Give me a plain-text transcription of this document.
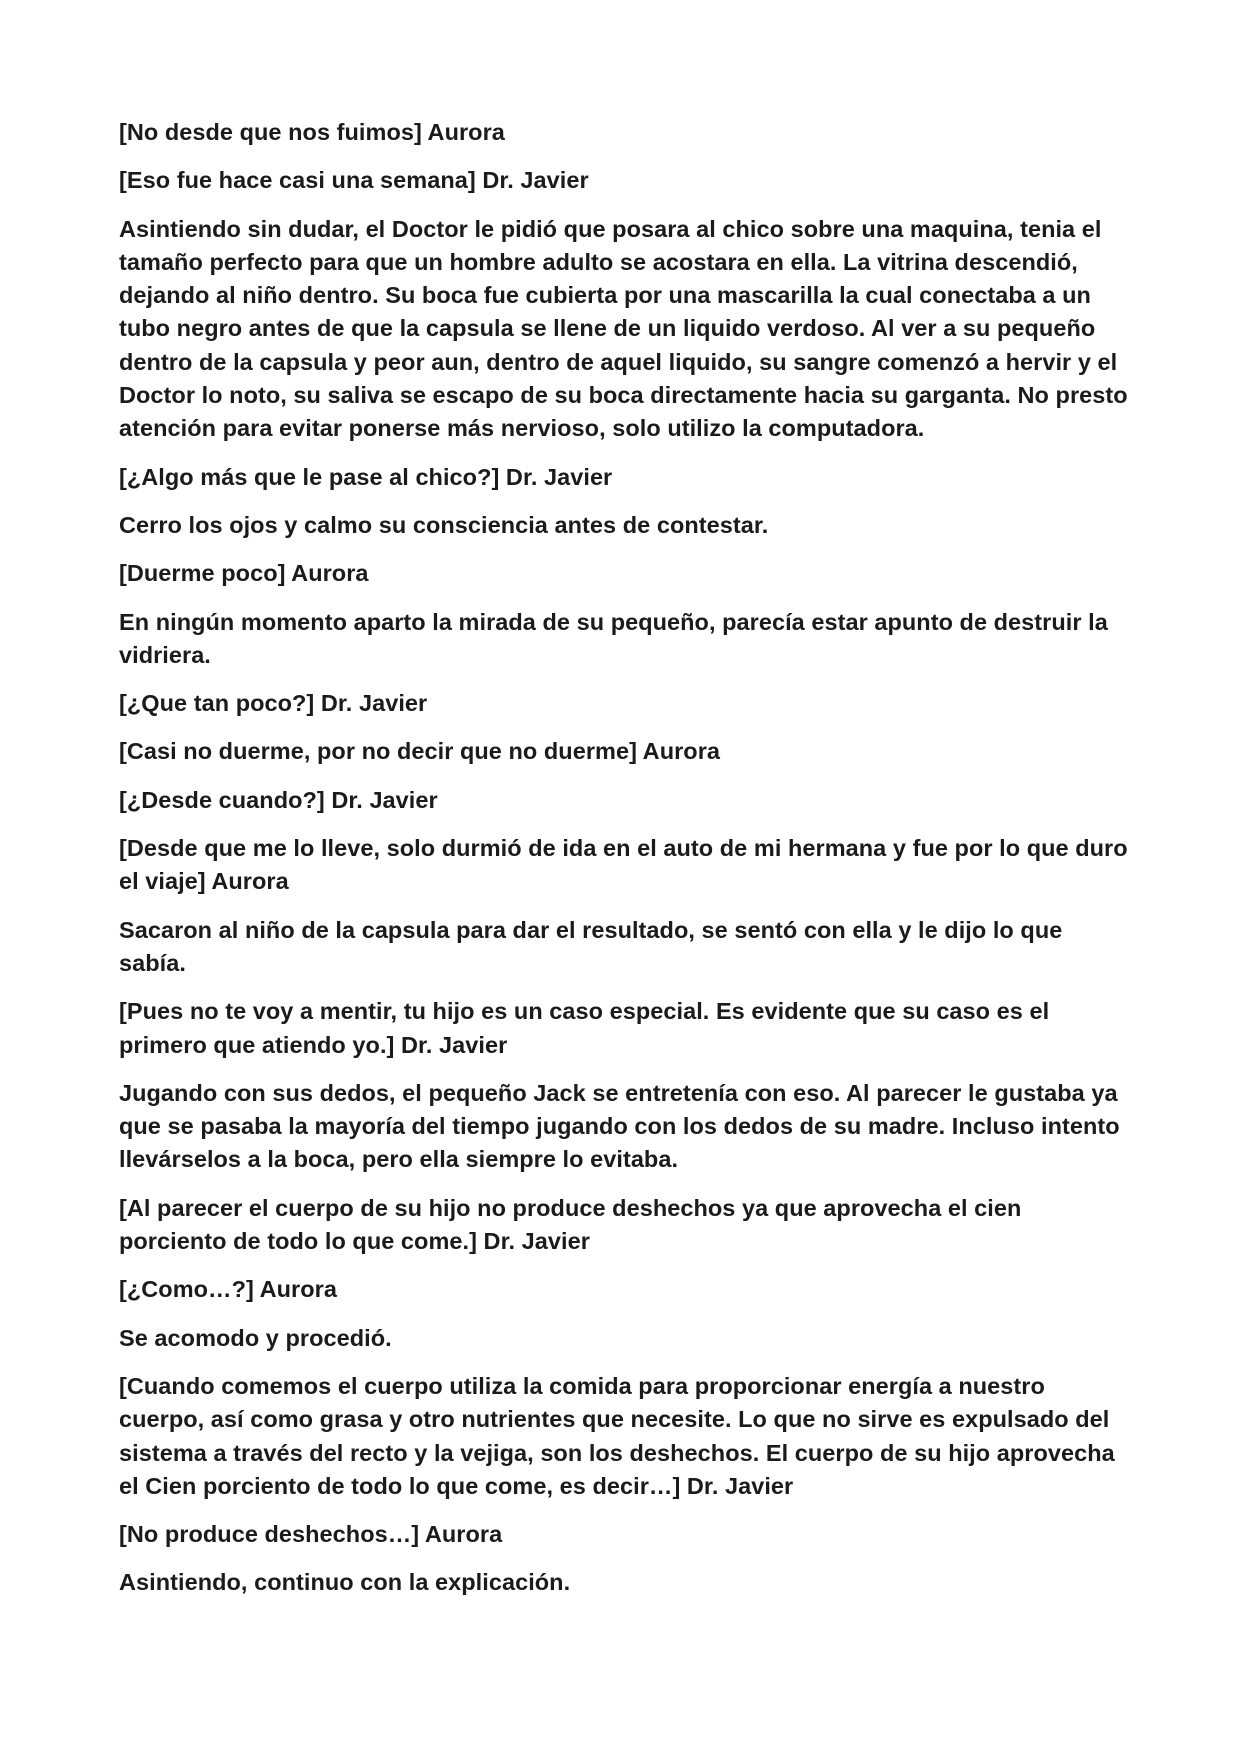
[No desde que nos fuimos] Aurora

[Eso fue hace casi una semana] Dr. Javier

Asintiendo sin dudar, el Doctor le pidió que posara al chico sobre una maquina, tenia el tamaño perfecto para que un hombre adulto se acostara en ella. La vitrina descendió, dejando al niño dentro. Su boca fue cubierta por una mascarilla la cual conectaba a un tubo negro antes de que la capsula se llene de un liquido verdoso. Al ver a su pequeño dentro de la capsula y peor aun, dentro de aquel liquido, su sangre comenzó a hervir y el Doctor lo noto, su saliva se escapo de su boca directamente hacia su garganta. No presto atención para evitar ponerse más nervioso, solo utilizo la computadora.

[¿Algo más que le pase al chico?] Dr. Javier

Cerro los ojos y calmo su consciencia antes de contestar.

[Duerme poco] Aurora

En ningún momento aparto la mirada de su pequeño, parecía estar apunto de destruir la vidriera.

[¿Que tan poco?] Dr. Javier

[Casi no duerme, por no decir que no duerme] Aurora

[¿Desde cuando?] Dr. Javier

[Desde que me lo lleve, solo durmió de ida en el auto de mi hermana y fue por lo que duro el viaje] Aurora

Sacaron al niño de la capsula para dar el resultado, se sentó con ella y le dijo lo que sabía.

[Pues no te voy a mentir, tu hijo es un caso especial. Es evidente que su caso es el primero que atiendo yo.] Dr. Javier

Jugando con sus dedos, el pequeño Jack se entretenía con eso. Al parecer le gustaba ya que se pasaba la mayoría del tiempo jugando con los dedos de su madre. Incluso intento llevárselos a la boca, pero ella siempre lo evitaba.

[Al parecer el cuerpo de su hijo no produce deshechos ya que aprovecha el cien porciento de todo lo que come.] Dr. Javier

[¿Como…?] Aurora

Se acomodo y procedió.

[Cuando comemos el cuerpo utiliza la comida para proporcionar energía a nuestro cuerpo, así como grasa y otro nutrientes que necesite. Lo que no sirve es expulsado del sistema a través del recto y la vejiga, son los deshechos. El cuerpo de su hijo aprovecha el Cien porciento de todo lo que come, es decir…] Dr. Javier

[No produce deshechos…] Aurora

Asintiendo, continuo con la explicación.
